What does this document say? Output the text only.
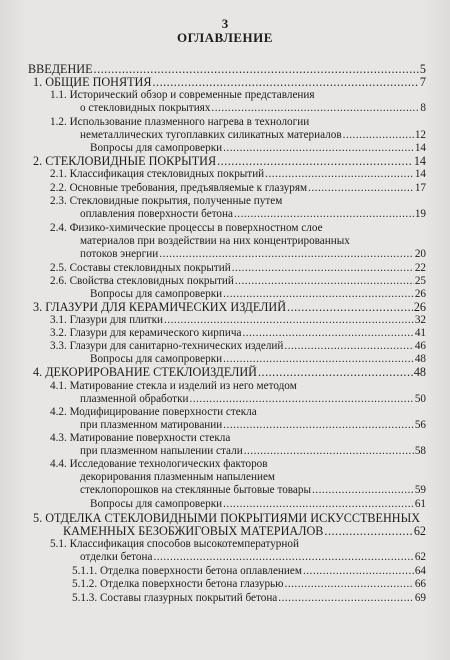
3
ОГЛАВЛЕНИЕ
ВВЕДЕНИЕ .....	5
1. ОБЩИЕ ПОНЯТИЯ .....	7
1.1. Исторический обзор и современные представления
о стекловидных покрытиях .....	8
1.2. Использование плазменного нагрева в технологии
неметаллических тугоплавких силикатных материалов .....	12
Вопросы для самопроверки .....	14
2. СТЕКЛОВИДНЫЕ ПОКРЫТИЯ .....	14
2.1. Классификация стекловидных покрытий .....	14
2.2. Основные требования, предъявляемые к глазурям .....	17
2.3. Стекловидные покрытия, полученные путем
оплавления поверхности бетона .....	19
2.4. Физико-химические процессы в поверхностном слое
материалов при воздействии на них концентрированных
потоков энергии .....	20
2.5. Составы стекловидных покрытий .....	22
2.6. Свойства стекловидных покрытий .....	25
Вопросы для самопроверки .....	26
3. ГЛАЗУРИ ДЛЯ КЕРАМИЧЕСКИХ ИЗДЕЛИЙ .....	26
3.1. Глазури для плитки .....	32
3.2. Глазури для керамического кирпича .....	41
3.3. Глазури для санитарно-технических изделий .....	46
Вопросы для самопроверки .....	48
4. ДЕКОРИРОВАНИЕ СТЕКЛОИЗДЕЛИЙ .....	48
4.1. Матирование стекла и изделий из него методом
плазменной обработки .....	50
4.2. Модифицирование поверхности стекла
при плазменном матировании .....	56
4.3. Матирование поверхности стекла
при плазменном напылении стали .....	58
4.4. Исследование технологических факторов
декорирования плазменным напылением
стеклопорошков на стеклянные бытовые товары .....	59
Вопросы для самопроверки .....	61
5. ОТДЕЛКА СТЕКЛОВИДНЫМИ ПОКРЫТИЯМИ ИСКУССТВЕННЫХ
КАМЕННЫХ БЕЗОБЖИГОВЫХ МАТЕРИАЛОВ .....	62
5.1. Классификация способов высокотемпературной
отделки бетона .....	62
5.1.1. Отделка поверхности бетона оплавлением .....	64
5.1.2. Отделка поверхности бетона глазурью .....	66
5.1.3. Составы глазурных покрытий бетона .....	69
